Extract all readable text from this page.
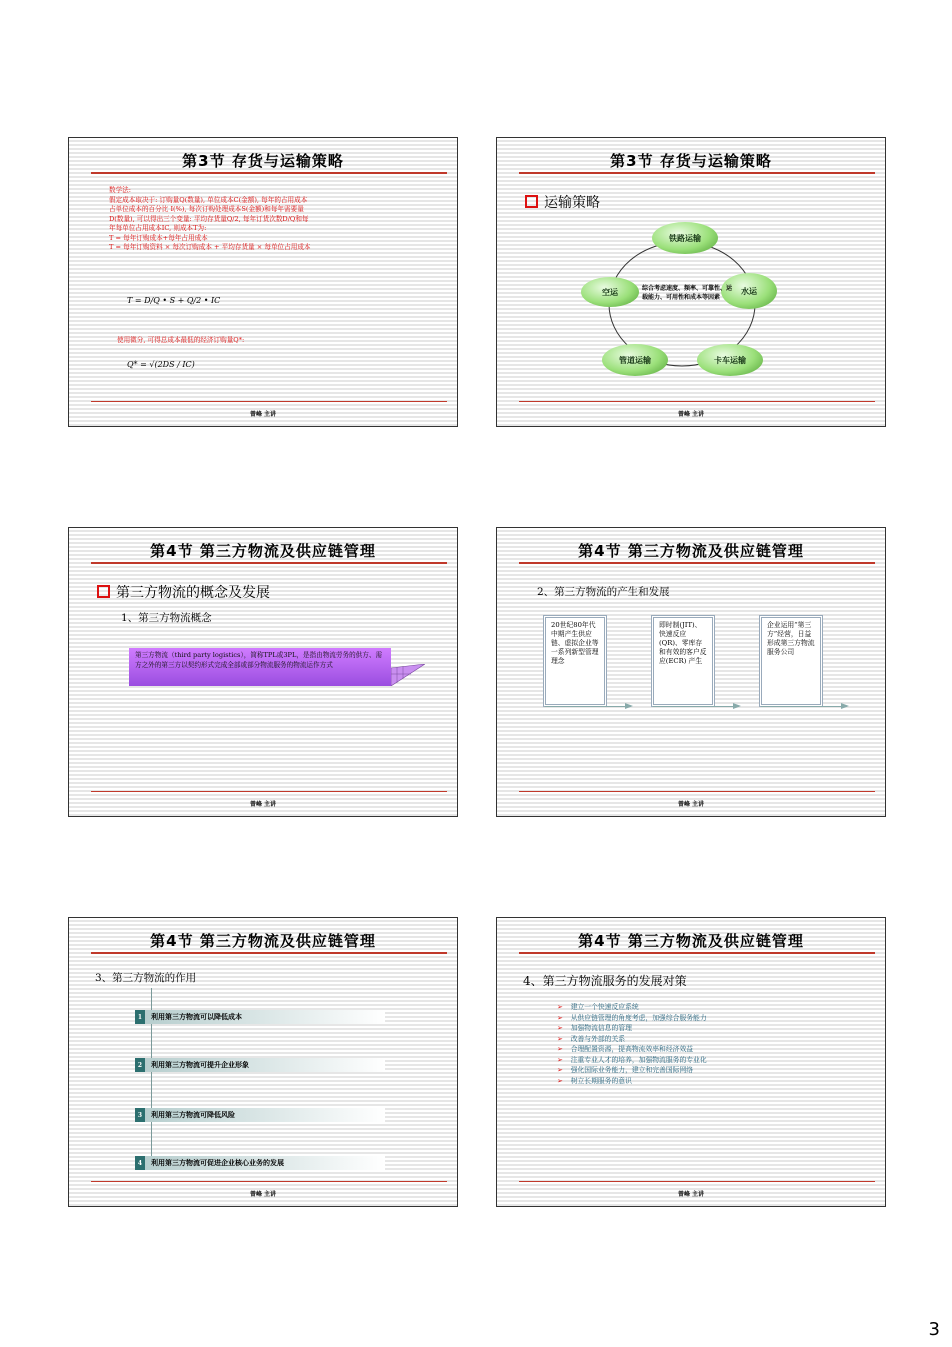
第3节 存货与运输策略
数学法:
假定成本取决于: 订购量Q(数量), 单位成本C(金额), 每年的占用成本
占单位成本的百分比 I(%), 每次订购处理成本S(金额)和每年需要量
D(数量), 可以得出三个变量: 平均存货量Q/2, 每年订货次数D/Q和每
年每单位占用成本IC, 则成本T为:
T = 每年订购成本+每年占用成本
T = 每年订购资料 × 每次订购成本 + 平均存货量 × 每单位占用成本
T = D/Q • S + Q/2 • IC
使用微分, 可得总成本最低的经济订购量Q*:
Q* = √(2DS / IC)
曾峰 主讲
第3节 存货与运输策略
运输策略
铁路运输
水运
卡车运输
管道运输
空运	综合考虑速度、频率、可靠性、运载能力、可用性和成本等因素
曾峰 主讲
第4节 第三方物流及供应链管理
第三方物流的概念及发展
1、第三方物流概念
第三方物流（third party logistics），简称TPL或3PL，是指由物流劳务的供方、需方之外的第三方以契约形式完成全部或部分物流服务的物流运作方式
曾峰 主讲
第4节 第三方物流及供应链管理
2、第三方物流的产生和发展
20世纪80年代中期产生供应链、虚拟企业等一系列新型管理理念
即时制(JIT)、快速反应(QR)、零库存和有效的客户反应(ECR) 产生
企业运用“第三方”经营，日益形成第三方物流服务公司
曾峰 主讲
第4节 第三方物流及供应链管理
3、第三方物流的作用
1	利用第三方物流可以降低成本
2	利用第三方物流可提升企业形象
3	利用第三方物流可降低风险
4	利用第三方物流可促进企业核心业务的发展
曾峰 主讲
第4节 第三方物流及供应链管理
4、第三方物流服务的发展对策
➢ 建立一个快速反应系统
➢ 从供应链管理的角度考虑，加强综合服务能力
➢ 加强物流信息的管理
➢ 改善与外部的关系
➢ 合理配置资源，提高物流效率和经济效益
➢ 注重专业人才的培养，加强物流服务的专业化
➢ 强化国际业务能力，建立和完善国际网络
➢ 树立长期服务的意识
曾峰 主讲
3
